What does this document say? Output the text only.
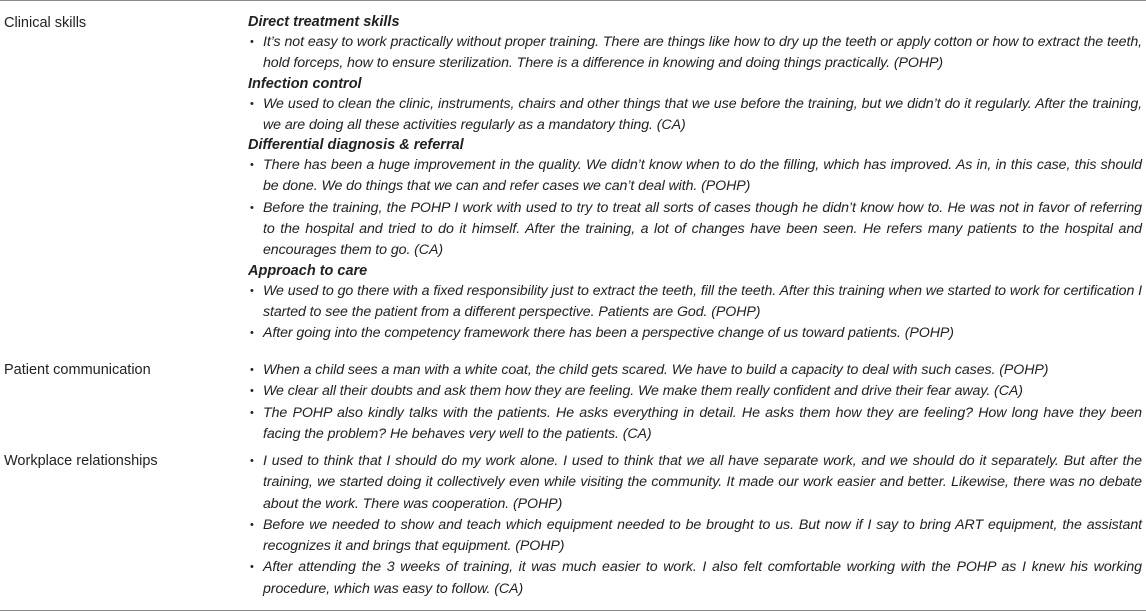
Clinical skills	Direct treatment skills
• It’s not easy to work practically without proper training. There are things like how to dry up the teeth or apply cotton or how to extract the teeth, hold forceps, how to ensure sterilization. There is a difference in knowing and doing things practically. (POHP)
Infection control
• We used to clean the clinic, instruments, chairs and other things that we use before the training, but we didn’t do it regularly. After the training, we are doing all these activities regularly as a mandatory thing. (CA)
Differential diagnosis & referral
• There has been a huge improvement in the quality. We didn’t know when to do the filling, which has improved. As in, in this case, this should be done. We do things that we can and refer cases we can’t deal with. (POHP)
• Before the training, the POHP I work with used to try to treat all sorts of cases though he didn’t know how to. He was not in favor of referring to the hospital and tried to do it himself. After the training, a lot of changes have been seen. He refers many patients to the hospital and encourages them to go. (CA)
Approach to care
• We used to go there with a fixed responsibility just to extract the teeth, fill the teeth. After this training when we started to work for certification I started to see the patient from a different perspective. Patients are God. (POHP)
• After going into the competency framework there has been a perspective change of us toward patients. (POHP)
Patient communication	• When a child sees a man with a white coat, the child gets scared. We have to build a capacity to deal with such cases. (POHP)
• We clear all their doubts and ask them how they are feeling. We make them really confident and drive their fear away. (CA)
• The POHP also kindly talks with the patients. He asks everything in detail. He asks them how they are feeling? How long have they been facing the problem? He behaves very well to the patients. (CA)
Workplace relationships	• I used to think that I should do my work alone. I used to think that we all have separate work, and we should do it separately. But after the training, we started doing it collectively even while visiting the community. It made our work easier and better. Likewise, there was no debate about the work. There was cooperation. (POHP)
• Before we needed to show and teach which equipment needed to be brought to us. But now if I say to bring ART equipment, the assistant recognizes it and brings that equipment. (POHP)
• After attending the 3 weeks of training, it was much easier to work. I also felt comfortable working with the POHP as I knew his working procedure, which was easy to follow. (CA)
